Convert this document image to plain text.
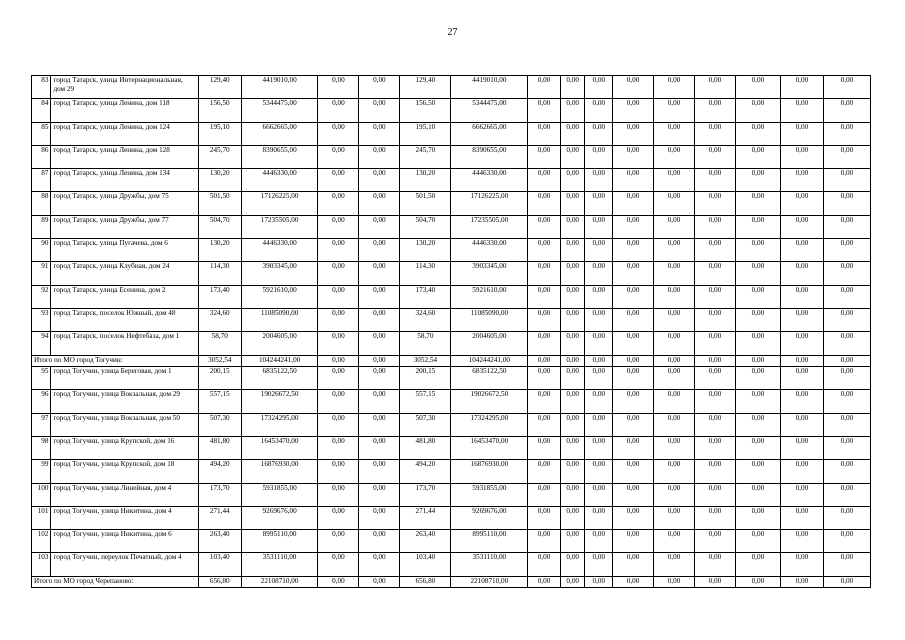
27
83	город Татарск, улица Интернациональная, дом 29	129,40	4419010,00	0,00	0,00	129,40	4419010,00	0,00	0,00	0,00	0,00	0,00	0,00	0,00	0,00	0,00
84	город Татарск, улица Ленина, дом 118	156,50	5344475,00	0,00	0,00	156,50	5344475,00	0,00	0,00	0,00	0,00	0,00	0,00	0,00	0,00	0,00
85	город Татарск, улица Ленина, дом 124	195,10	6662665,00	0,00	0,00	195,10	6662665,00	0,00	0,00	0,00	0,00	0,00	0,00	0,00	0,00	0,00
86	город Татарск, улица Ленина, дом 128	245,70	8390655,00	0,00	0,00	245,70	8390655,00	0,00	0,00	0,00	0,00	0,00	0,00	0,00	0,00	0,00
87	город Татарск, улица Ленина, дом 134	130,20	4446330,00	0,00	0,00	130,20	4446330,00	0,00	0,00	0,00	0,00	0,00	0,00	0,00	0,00	0,00
88	город Татарск, улица Дружбы, дом 75	501,50	17126225,00	0,00	0,00	501,50	17126225,00	0,00	0,00	0,00	0,00	0,00	0,00	0,00	0,00	0,00
89	город Татарск, улица Дружбы, дом 77	504,70	17235505,00	0,00	0,00	504,70	17235505,00	0,00	0,00	0,00	0,00	0,00	0,00	0,00	0,00	0,00
90	город Татарск, улица Пугачева, дом 6	130,20	4446330,00	0,00	0,00	130,20	4446330,00	0,00	0,00	0,00	0,00	0,00	0,00	0,00	0,00	0,00
91	город Татарск, улица Клубная, дом 24	114,30	3903345,00	0,00	0,00	114,30	3903345,00	0,00	0,00	0,00	0,00	0,00	0,00	0,00	0,00	0,00
92	город Татарск, улица Есенина, дом 2	173,40	5921610,00	0,00	0,00	173,40	5921610,00	0,00	0,00	0,00	0,00	0,00	0,00	0,00	0,00	0,00
93	город Татарск, поселок Южный, дом 48	324,60	11085090,00	0,00	0,00	324,60	11085090,00	0,00	0,00	0,00	0,00	0,00	0,00	0,00	0,00	0,00
94	город Татарск, поселок Нефтебаза, дом 1	58,70	2004605,00	0,00	0,00	58,70	2004605,00	0,00	0,00	0,00	0,00	0,00	0,00	0,00	0,00	0,00
Итого по МО город Тогучин:		3052,54	104244241,00	0,00	0,00	3052,54	104244241,00	0,00	0,00	0,00	0,00	0,00	0,00	0,00	0,00	0,00
95	город Тогучин, улица Береговая, дом 1	200,15	6835122,50	0,00	0,00	200,15	6835122,50	0,00	0,00	0,00	0,00	0,00	0,00	0,00	0,00	0,00
96	город Тогучин, улица Вокзальная, дом 29	557,15	19026672,50	0,00	0,00	557,15	19026672,50	0,00	0,00	0,00	0,00	0,00	0,00	0,00	0,00	0,00
97	город Тогучин, улица Вокзальная, дом 50	507,30	17324295,00	0,00	0,00	507,30	17324295,00	0,00	0,00	0,00	0,00	0,00	0,00	0,00	0,00	0,00
98	город Тогучин, улица Крупской, дом 16	481,80	16453470,00	0,00	0,00	481,80	16453470,00	0,00	0,00	0,00	0,00	0,00	0,00	0,00	0,00	0,00
99	город Тогучин, улица Крупской, дом 18	494,20	16876930,00	0,00	0,00	494,20	16876930,00	0,00	0,00	0,00	0,00	0,00	0,00	0,00	0,00	0,00
100	город Тогучин, улица Линейная, дом 4	173,70	5931855,00	0,00	0,00	173,70	5931855,00	0,00	0,00	0,00	0,00	0,00	0,00	0,00	0,00	0,00
101	город Тогучин, улица Никитина, дом 4	271,44	9269676,00	0,00	0,00	271,44	9269676,00	0,00	0,00	0,00	0,00	0,00	0,00	0,00	0,00	0,00
102	город Тогучин, улица Никитина, дом 6	263,40	8995110,00	0,00	0,00	263,40	8995110,00	0,00	0,00	0,00	0,00	0,00	0,00	0,00	0,00	0,00
103	город Тогучин, переулок Печатный, дом 4	103,40	3531110,00	0,00	0,00	103,40	3531110,00	0,00	0,00	0,00	0,00	0,00	0,00	0,00	0,00	0,00
Итого по МО город Черепаново:		656,80	22108710,00	0,00	0,00	656,80	22108710,00	0,00	0,00	0,00	0,00	0,00	0,00	0,00	0,00	0,00
